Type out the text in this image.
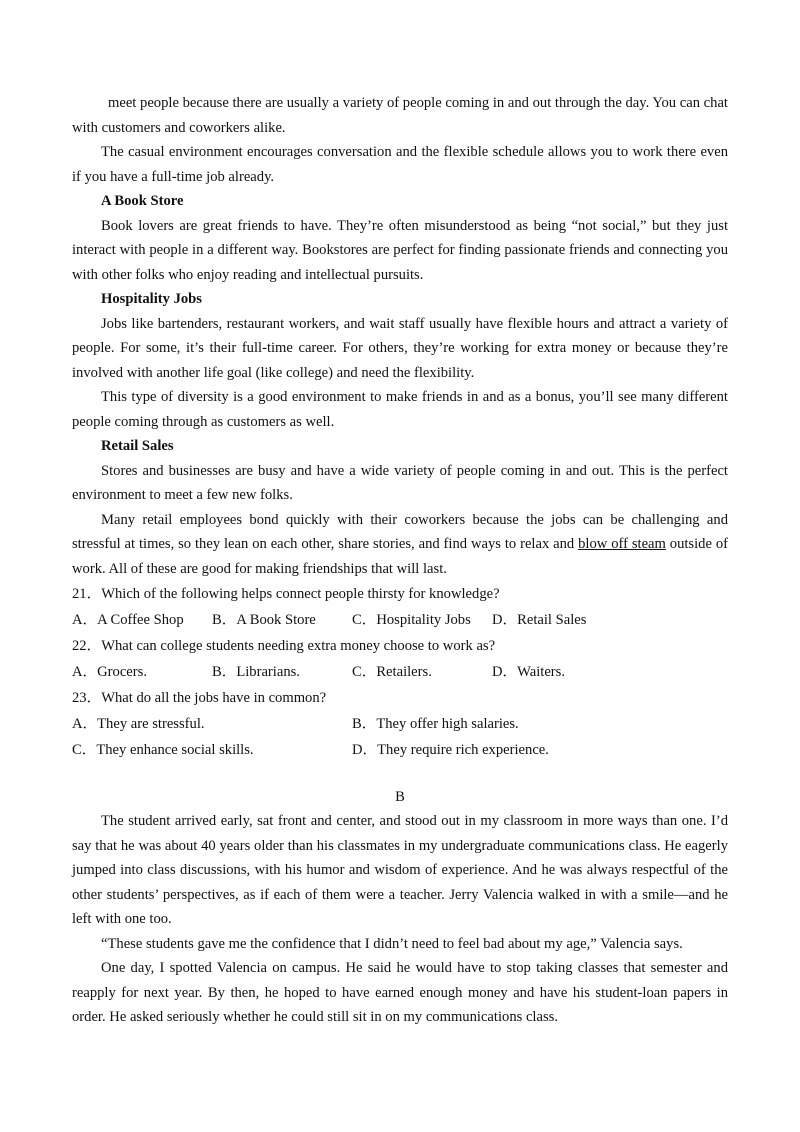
meet people because there are usually a variety of people coming in and out through the day. You can chat with customers and coworkers alike.

The casual environment encourages conversation and the flexible schedule allows you to work there even if you have a full-time job already.

A Book Store

Book lovers are great friends to have. They’re often misunderstood as being “not social,” but they just interact with people in a different way. Bookstores are perfect for finding passionate friends and connecting you with other folks who enjoy reading and intellectual pursuits.

Hospitality Jobs

Jobs like bartenders, restaurant workers, and wait staff usually have flexible hours and attract a variety of people. For some, it’s their full-time career. For others, they’re working for extra money or because they’re involved with another life goal (like college) and need the flexibility.

This type of diversity is a good environment to make friends in and as a bonus, you’ll see many different people coming through as customers as well.

Retail Sales

Stores and businesses are busy and have a wide variety of people coming in and out. This is the perfect environment to meet a few new folks.

Many retail employees bond quickly with their coworkers because the jobs can be challenging and stressful at times, so they lean on each other, share stories, and find ways to relax and blow off steam outside of work. All of these are good for making friendships that will last.

21．Which of the following helps connect people thirsty for knowledge?
A．A Coffee Shop	B．A Book Store	C．Hospitality Jobs	D．Retail Sales
22．What can college students needing extra money choose to work as?
A．Grocers.	B．Librarians.	C．Retailers.	D．Waiters.
23．What do all the jobs have in common?
A．They are stressful.	B．They offer high salaries.
C．They enhance social skills.	D．They require rich experience.
B

The student arrived early, sat front and center, and stood out in my classroom in more ways than one. I’d say that he was about 40 years older than his classmates in my undergraduate communications class. He eagerly jumped into class discussions, with his humor and wisdom of experience. And he was always respectful of the other students’ perspectives, as if each of them were a teacher. Jerry Valencia walked in with a smile—and he left with one too.

“These students gave me the confidence that I didn’t need to feel bad about my age,” Valencia says.

One day, I spotted Valencia on campus. He said he would have to stop taking classes that semester and reapply for next year. By then, he hoped to have earned enough money and have his student-loan papers in order. He asked seriously whether he could still sit in on my communications class.
